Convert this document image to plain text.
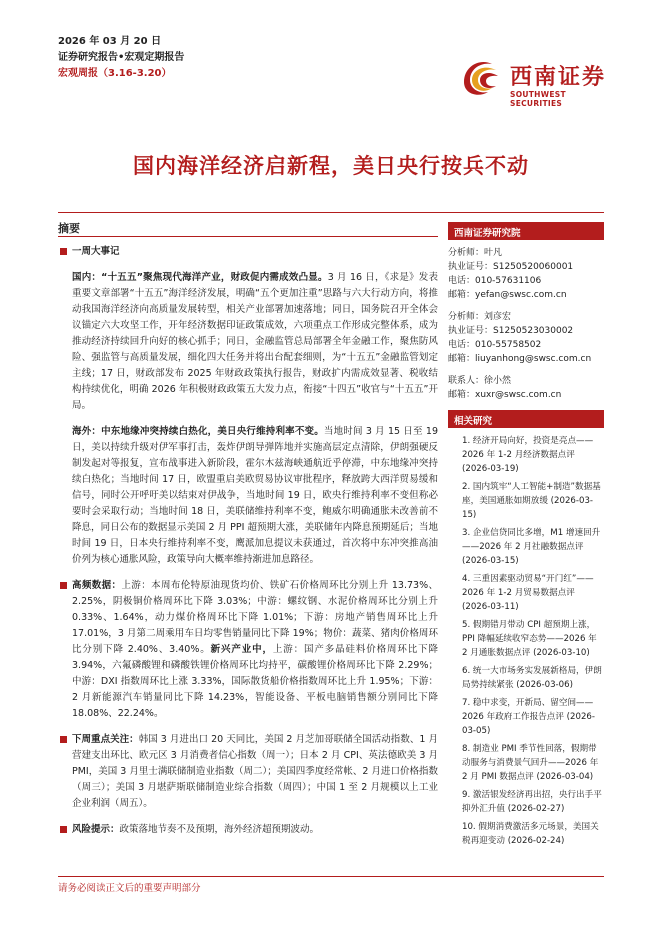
2026 年 03 月 20 日
证券研究报告•宏观定期报告
宏观周报（3.16-3.20）	西南证券
SOUTHWEST SECURITIES
国内海洋经济启新程，美日央行按兵不动
摘要
一周大事记
国内：“十五五”聚焦现代海洋产业，财政促内需成效凸显。3 月 16 日，《求是》发表重要文章部署“十五五”海洋经济发展，明确“五个更加注重”思路与六大行动方向，将推动我国海洋经济向高质量发展转型，相关产业部署加速落地；同日，国务院召开全体会议锚定六大攻坚工作，开年经济数据印证政策成效，六项重点工作形成完整体系，成为推动经济持续回升向好的核心抓手；同日，金融监管总局部署全年金融工作，聚焦防风险、强监管与高质量发展，细化四大任务并将出台配套细则，为“十五五”金融监管划定主线；17 日，财政部发布 2025 年财政政策执行报告，财政扩内需成效显著、税收结构持续优化，明确 2026 年积极财政政策五大发力点，衔接“十四五”收官与“十五五”开局。
海外：中东地缘冲突持续白热化，美日央行维持利率不变。当地时间 3 月 15 日至 19 日，美以持续升级对伊军事打击，轰炸伊朗导弹阵地并实施高层定点清除，伊朗强硬反制发起对等报复，宣布战事进入新阶段，霍尔木兹海峡通航近乎停滞，中东地缘冲突持续白热化；当地时间 17 日，欧盟重启美欧贸易协议审批程序，释放跨大西洋贸易缓和信号，同时公开呼吁美以结束对伊战争，当地时间 19 日，欧央行维持利率不变但称必要时会采取行动；当地时间 18 日，美联储维持利率不变，鲍威尔明确通胀未改善前不降息，同日公布的数据显示美国 2 月 PPI 超预期大涨，美联储年内降息预期延后；当地时间 19 日，日本央行维持利率不变，鹰派加息提议未获通过，首次将中东冲突推高油价列为核心通胀风险，政策导向大概率维持渐进加息路径。
高频数据：上游：本周布伦特原油现货均价、铁矿石价格周环比分别上升 13.73%、2.25%，阴极铜价格周环比下降 3.03%；中游：螺纹钢、水泥价格周环比分别上升 0.33%、1.64%，动力煤价格周环比下降 1.01%；下游：房地产销售周环比上升 17.01%，3 月第二周乘用车日均零售销量同比下降 19%；物价：蔬菜、猪肉价格周环比分别下降 2.40%、3.40%。新兴产业中，上游：国产多晶硅料价格周环比下降 3.94%，六氟磷酸锂和磷酸铁锂价格周环比均持平，碳酸锂价格周环比下降 2.29%；中游：DXI 指数周环比上涨 3.33%，国际散货船价格指数周环比上升 1.95%；下游：2 月新能源汽车销量同比下降 14.23%，智能设备、平板电脑销售额分别同比下降 18.08%、22.24%。
下周重点关注：韩国 3 月进出口 20 天同比，美国 2 月芝加哥联储全国活动指数、1 月营建支出环比、欧元区 3 月消费者信心指数（周一）；日本 2 月 CPI、英法德欧美 3 月 PMI，美国 3 月里士满联储制造业指数（周二）；美国四季度经常帐、2 月进口价格指数（周三）；美国 3 月堪萨斯联储制造业综合指数（周四）；中国 1 至 2 月规模以上工业企业利润（周五）。
风险提示：政策落地节奏不及预期，海外经济超预期波动。
西南证券研究院
分析师：叶凡
执业证号：S1250520060001
电话：010-57631106
邮箱：yefan@swsc.com.cn
分析师：刘彦宏
执业证号：S1250523030002
电话：010-55758502
邮箱：liuyanhong@swsc.com.cn
联系人：徐小然
邮箱：xuxr@swsc.com.cn
相关研究
1. 经济开局向好，投资是亮点——2026 年 1-2 月经济数据点评 (2026-03-19)
2. 国内筑牢“人工智能+制造”数据基座，美国通胀如期放缓 (2026-03-15)
3. 企业信贷同比多增，M1 增速回升——2026 年 2 月社融数据点评 (2026-03-15)
4. 三重因素驱动贸易“开门红”——2026 年 1-2 月贸易数据点评 (2026-03-11)
5. 假期错月带动 CPI 超预期上涨，PPI 降幅延续收窄态势——2026 年 2 月通胀数据点评 (2026-03-10)
6. 统一大市场务实发展新格局，伊朗局势持续紧张 (2026-03-06)
7. 稳中求变，开新局、留空间——2026 年政府工作报告点评 (2026-03-05)
8. 制造业 PMI 季节性回落，假期带动服务与消费景气回升——2026 年 2 月 PMI 数据点评 (2026-03-04)
9. 激活银发经济再出招，央行出手平抑外汇升值 (2026-02-27)
10. 假期消费激活多元场景，美国关税再迎变动 (2026-02-24)
请务必阅读正文后的重要声明部分
